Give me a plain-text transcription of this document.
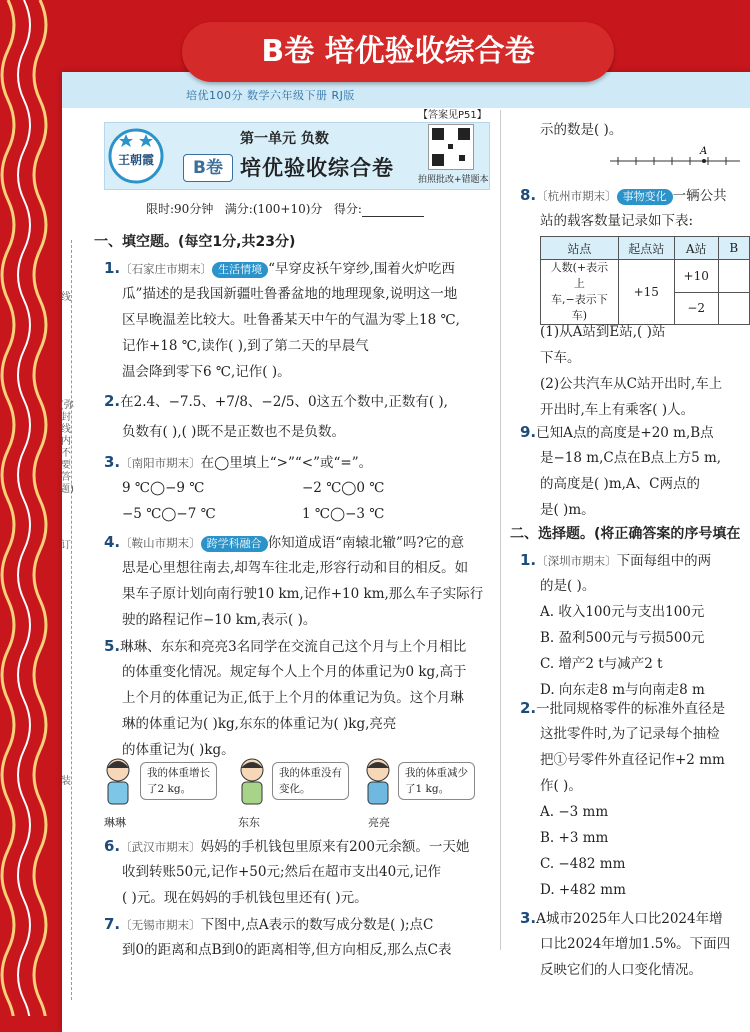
培优100分 数学六年级下册 RJ版
B卷 培优验收综合卷
【答案见P51】
王朝霞
第一单元 负数
B卷 培优验收综合卷	拍照批改+错题本
限时:90分钟 满分:(100+10)分 得分:
线
(弥封线内不要答题)
订
装
一、填空题。(每空1分,共23分)
1.〔石家庄市期末〕 生活情境 “早穿皮袄午穿纱,围着火炉吃西
瓜”描述的是我国新疆吐鲁番盆地的地理现象,说明这一地
区早晚温差比较大。吐鲁番某天中午的气温为零上18 ℃,
记作+18 ℃,读作( ),到了第二天的早晨气
温会降到零下6 ℃,记作( )。
2.在2.4、−7.5、+7/8、−2/5、0这五个数中,正数有( ),
负数有( ),( )既不是正数也不是负数。
3.〔南阳市期末〕在◯里填上“>”“<”或“=”。
9 ℃◯−9 ℃	−2 ℃◯0 ℃
−5 ℃◯−7 ℃	1 ℃◯−3 ℃
4.〔鞍山市期末〕 跨学科融合 你知道成语“南辕北辙”吗?它的意
思是心里想往南去,却驾车往北走,形容行动和目的相反。如
果车子原计划向南行驶10 km,记作+10 km,那么车子实际行
驶的路程记作−10 km,表示( )。
5.琳琳、东东和亮亮3名同学在交流自己这个月与上个月相比
的体重变化情况。规定每个人上个月的体重记为0 kg,高于
上个月的体重记为正,低于上个月的体重记为负。这个月琳
琳的体重记为( )kg,东东的体重记为( )kg,亮亮
的体重记为( )kg。
我的体重增长
了2 kg。
琳琳
我的体重没有
变化。
东东
我的体重减少
了1 kg。
亮亮
6.〔武汉市期末〕妈妈的手机钱包里原来有200元余额。一天她
收到转账50元,记作+50元;然后在超市支出40元,记作
( )元。现在妈妈的手机钱包里还有( )元。
7.〔无锡市期末〕下图中,点A表示的数写成分数是( );点C
到0的距离和点B到0的距离相等,但方向相反,那么点C表
示的数是( )。
A
8.〔杭州市期末〕 事物变化 一辆公共
站的载客数量记录如下表:
站点	起点站	A站	B

人数(+表示上
车,−表示下车)	+15	+10	
		−2	
(1)从A站到E站,( )站
下车。
(2)公共汽车从C站开出时,车上
开出时,车上有乘客( )人。
9.已知A点的高度是+20 m,B点
是−18 m,C点在B点上方5 m,
的高度是( )m,A、C两点的
是( )m。
二、选择题。(将正确答案的序号填在
1.〔深圳市期末〕下面每组中的两
的是( )。
A. 收入100元与支出100元
B. 盈利500元与亏损500元
C. 增产2 t与减产2 t
D. 向东走8 m与向南走8 m
2.一批同规格零件的标准外直径是
这批零件时,为了记录每个抽检
把①号零件外直径记作+2 mm
作( )。
A. −3 mm
B. +3 mm
C. −482 mm
D. +482 mm
3.A城市2025年人口比2024年增
口比2024年增加1.5%。下面四
反映它们的人口变化情况。
